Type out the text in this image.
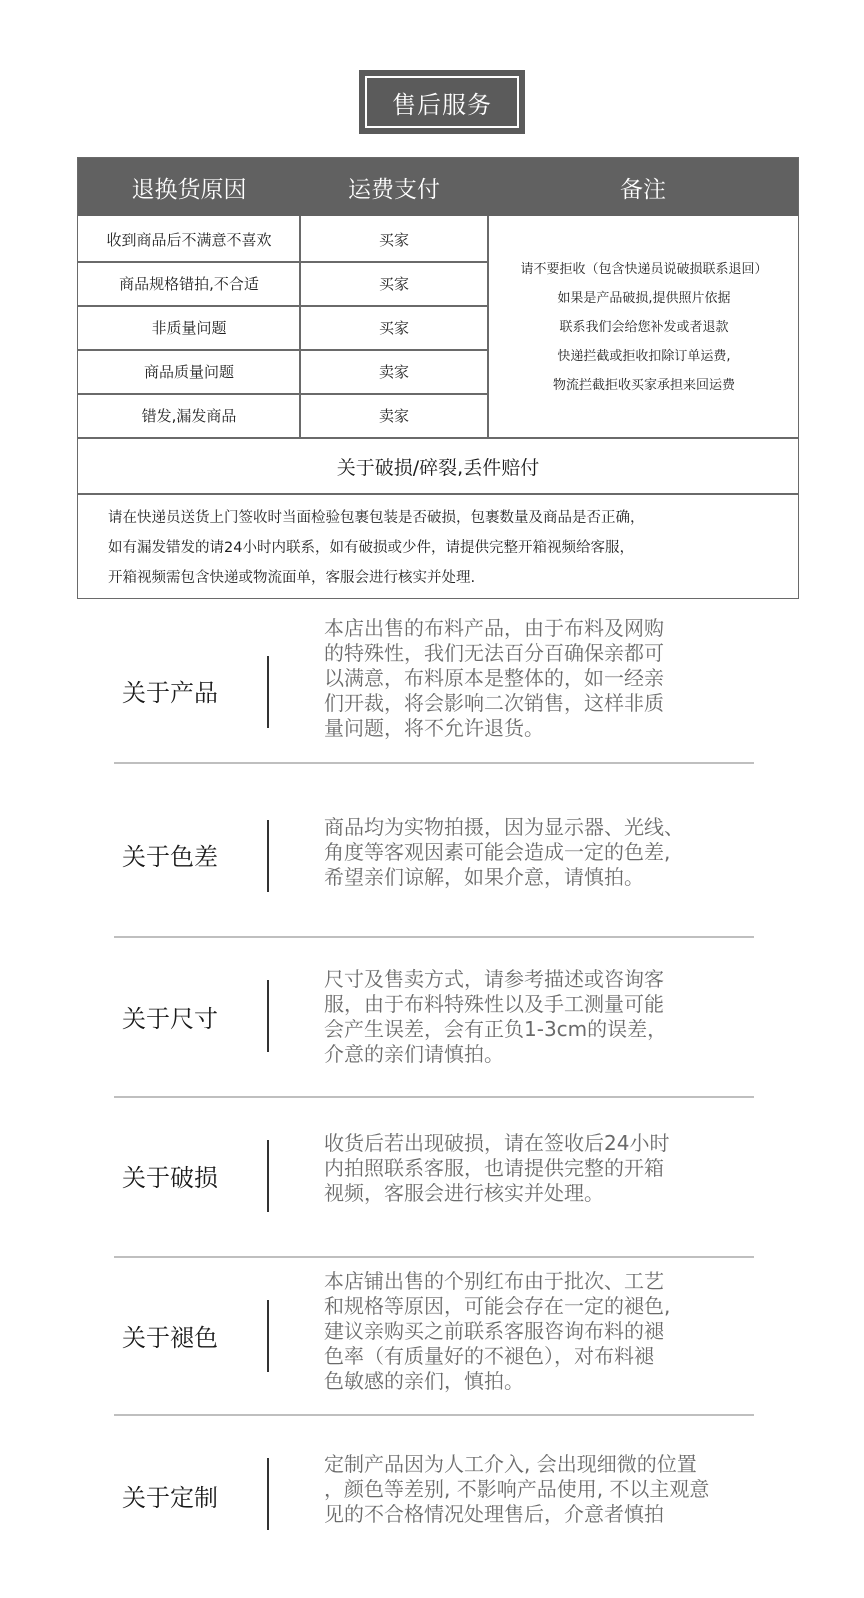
售后服务
退换货原因	运费支付	备注
收到商品后不满意不喜欢	买家
商品规格错拍,不合适	买家
非质量问题	买家
商品质量问题	卖家
错发,漏发商品	卖家
请不要拒收（包含快递员说破损联系退回）
如果是产品破损,提供照片依据
联系我们会给您补发或者退款
快递拦截或拒收扣除订单运费,
物流拦截拒收买家承担来回运费
关于破损/碎裂,丢件赔付
请在快递员送货上门签收时当面检验包裹包装是否破损，包裹数量及商品是否正确，
如有漏发错发的请24小时内联系，如有破损或少件，请提供完整开箱视频给客服，
开箱视频需包含快递或物流面单，客服会进行核实并处理.
关于产品
本店出售的布料产品，由于布料及网购
的特殊性，我们无法百分百确保亲都可
以满意，布料原本是整体的，如一经亲
们开裁，将会影响二次销售，这样非质
量问题，将不允许退货。
关于色差
商品均为实物拍摄，因为显示器、光线、
角度等客观因素可能会造成一定的色差,
希望亲们谅解，如果介意，请慎拍。
关于尺寸
尺寸及售卖方式，请参考描述或咨询客
服，由于布料特殊性以及手工测量可能
会产生误差，会有正负1-3cm的误差，
介意的亲们请慎拍。
关于破损
收货后若出现破损，请在签收后24小时
内拍照联系客服，也请提供完整的开箱
视频，客服会进行核实并处理。
关于褪色
本店铺出售的个别红布由于批次、工艺
和规格等原因，可能会存在一定的褪色,
建议亲购买之前联系客服咨询布料的褪
色率（有质量好的不褪色），对布料褪
色敏感的亲们，慎拍。
关于定制
定制产品因为人工介入, 会出现细微的位置
，颜色等差别, 不影响产品使用, 不以主观意
见的不合格情况处理售后，介意者慎拍
